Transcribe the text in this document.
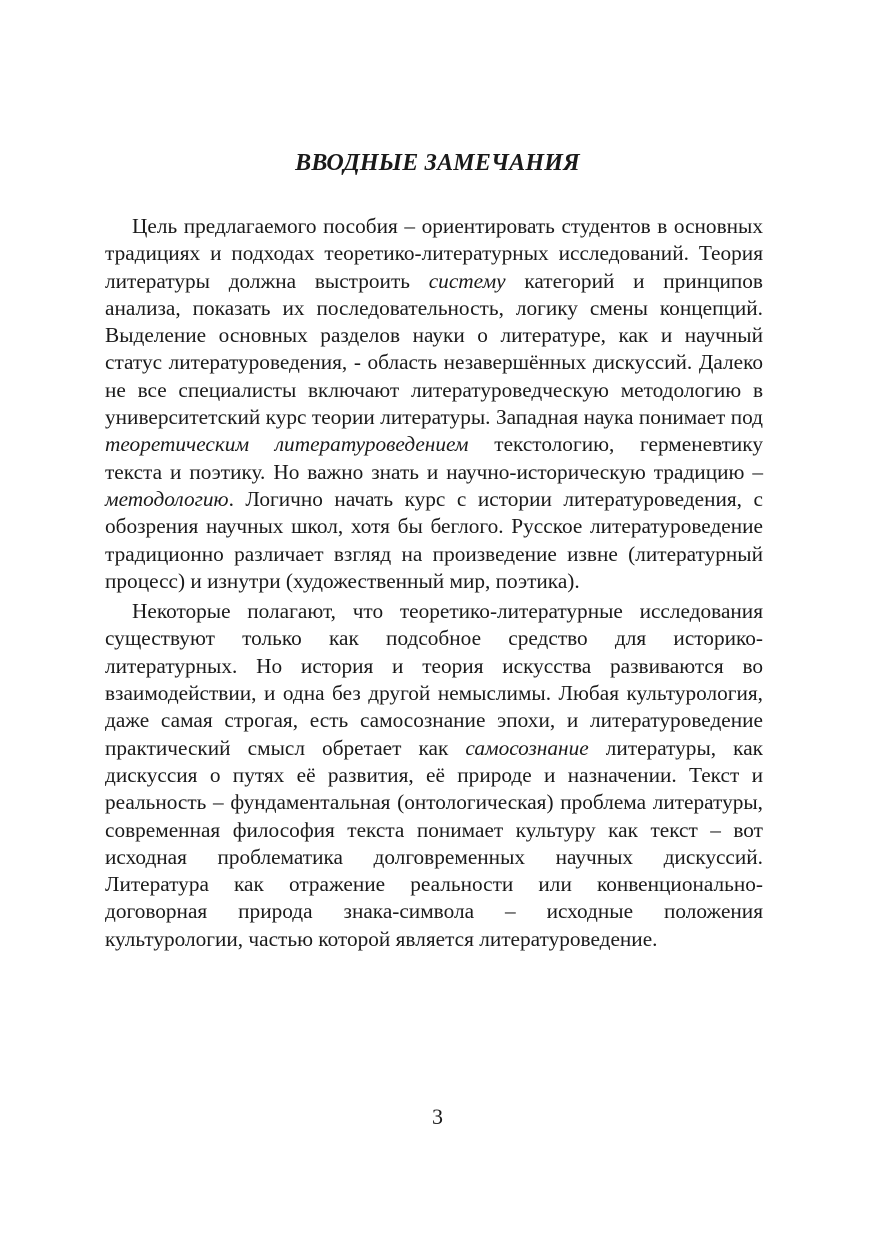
ВВОДНЫЕ ЗАМЕЧАНИЯ

Цель предлагаемого пособия – ориентировать студентов в основных традициях и подходах теоретико-литературных исследований. Теория литературы должна выстроить систему категорий и принципов анализа, показать их последовательность, логику смены концепций. Выделение основных разделов науки о литературе, как и научный статус литературоведения, - область незавершённых дискуссий. Далеко не все специалисты включают литературоведческую методологию в университетский курс теории литературы. Западная наука понимает под теоретическим литературоведением текстологию, герменевтику текста и поэтику. Но важно знать и научно-историческую традицию – методологию. Логично начать курс с истории литературоведения, с обозрения научных школ, хотя бы беглого. Русское литературоведение традиционно различает взгляд на произведение извне (литературный процесс) и изнутри (художественный мир, поэтика).

Некоторые полагают, что теоретико-литературные исследования существуют только как подсобное средство для историко-литературных. Но история и теория искусства развиваются во взаимодействии, и одна без другой немыслимы. Любая культурология, даже самая строгая, есть самосознание эпохи, и литературоведение практический смысл обретает как самосознание литературы, как дискуссия о путях её развития, её природе и назначении. Текст и реальность – фундаментальная (онтологическая) проблема литературы, современная философия текста понимает культуру как текст – вот исходная проблематика долговременных научных дискуссий. Литература как отражение реальности или конвенционально-договорная природа знака-символа – исходные положения культурологии, частью которой является литературоведение.

3
